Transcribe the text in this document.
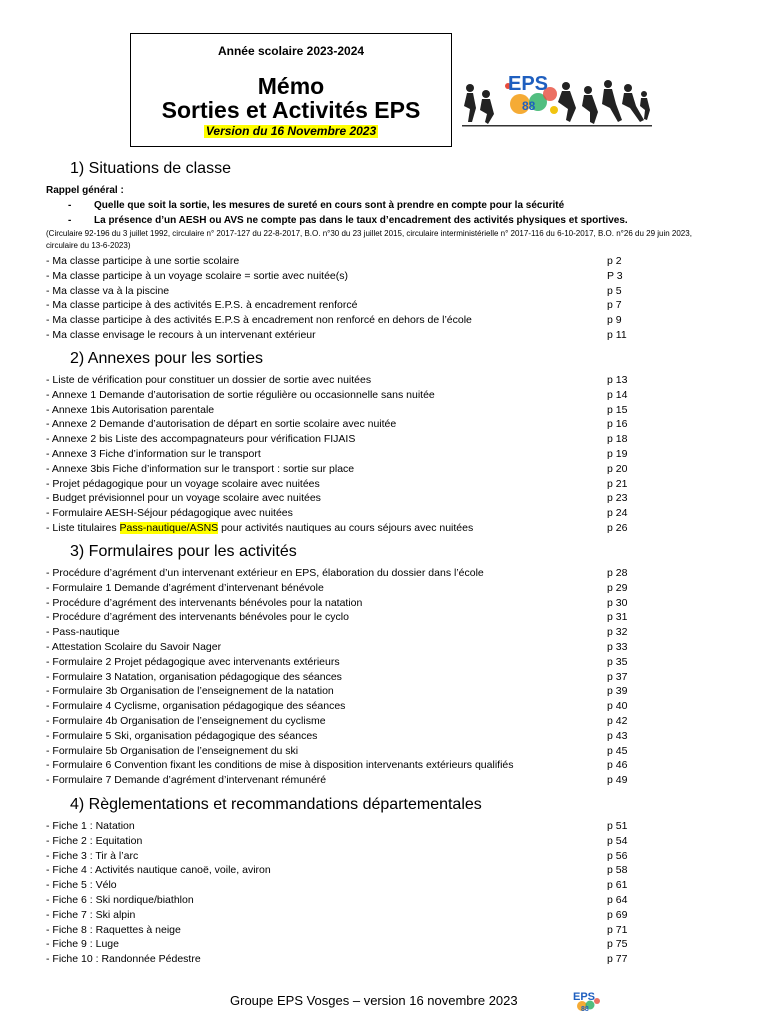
Année scolaire 2023-2024
Mémo
Sorties et Activités EPS
Version du 16 Novembre 2023
EPS
88
1) Situations de classe
Rappel général :
- Quelle que soit la sortie, les mesures de sureté en cours sont à prendre en compte pour la sécurité
- La présence d’un AESH ou AVS ne compte pas dans le taux d’encadrement des activités physiques et sportives.
(Circulaire 92-196 du 3 juillet 1992, circulaire n° 2017-127 du 22-8-2017, B.O. n°30 du 23 juillet 2015, circulaire interministérielle n° 2017-116 du 6-10-2017, B.O. n°26 du 29 juin 2023, circulaire du 13-6-2023)
- Ma classe participe à une sortie scolaire	p 2
- Ma classe participe à un voyage scolaire = sortie avec nuitée(s)	P 3
- Ma classe va à la piscine	p 5
- Ma classe participe à des activités E.P.S. à encadrement renforcé	p 7
- Ma classe participe à des activités E.P.S à encadrement non renforcé en dehors de l’école	p 9
- Ma classe envisage le recours à un intervenant extérieur	p 11
2) Annexes pour les sorties
- Liste de vérification pour constituer un dossier de sortie avec nuitées	p 13
- Annexe 1 Demande d’autorisation de sortie régulière ou occasionnelle sans nuitée	p 14
- Annexe 1bis Autorisation parentale	p 15
- Annexe 2 Demande d’autorisation de départ en sortie scolaire avec nuitée	p 16
- Annexe 2 bis Liste des accompagnateurs pour vérification FIJAIS	p 18
- Annexe 3 Fiche d’information sur le transport	p 19
- Annexe 3bis Fiche d’information sur le transport : sortie sur place	p 20
- Projet pédagogique pour un voyage scolaire avec nuitées	p 21
- Budget prévisionnel pour un voyage scolaire avec nuitées	p 23
- Formulaire AESH-Séjour pédagogique avec nuitées	p 24
- Liste titulaires Pass-nautique/ASNS pour activités nautiques au cours séjours avec nuitées	p 26
3) Formulaires pour les activités
- Procédure d’agrément d’un intervenant extérieur en EPS, élaboration du dossier dans l’école	p 28
- Formulaire 1 Demande d’agrément d’intervenant bénévole	p 29
- Procédure d’agrément des intervenants bénévoles pour la natation	p 30
- Procédure d’agrément des intervenants bénévoles pour le cyclo	p 31
- Pass-nautique	p 32
- Attestation Scolaire du Savoir Nager	p 33
- Formulaire 2 Projet pédagogique avec intervenants extérieurs	p 35
- Formulaire 3 Natation, organisation pédagogique des séances	p 37
- Formulaire 3b Organisation de l’enseignement de la natation	p 39
- Formulaire 4 Cyclisme, organisation pédagogique des séances	p 40
- Formulaire 4b Organisation de l’enseignement du cyclisme	p 42
- Formulaire 5 Ski, organisation pédagogique des séances	p 43
- Formulaire 5b Organisation de l’enseignement du ski	p 45
- Formulaire 6 Convention fixant les conditions de mise à disposition intervenants extérieurs qualifiés	p 46
- Formulaire 7 Demande d’agrément d’intervenant rémunéré	p 49
4) Règlementations et recommandations départementales
- Fiche 1 : Natation	p 51
- Fiche 2 : Equitation	p 54
- Fiche 3 : Tir à l’arc	p 56
- Fiche 4 : Activités nautique canoë, voile, aviron	p 58
- Fiche 5 : Vélo	p 61
- Fiche 6 : Ski nordique/biathlon	p 64
- Fiche 7 : Ski alpin	p 69
- Fiche 8 : Raquettes à neige	p 71
- Fiche 9 : Luge	p 75
- Fiche 10 : Randonnée Pédestre	p 77
Groupe EPS Vosges – version 16 novembre 2023	EPS
88
